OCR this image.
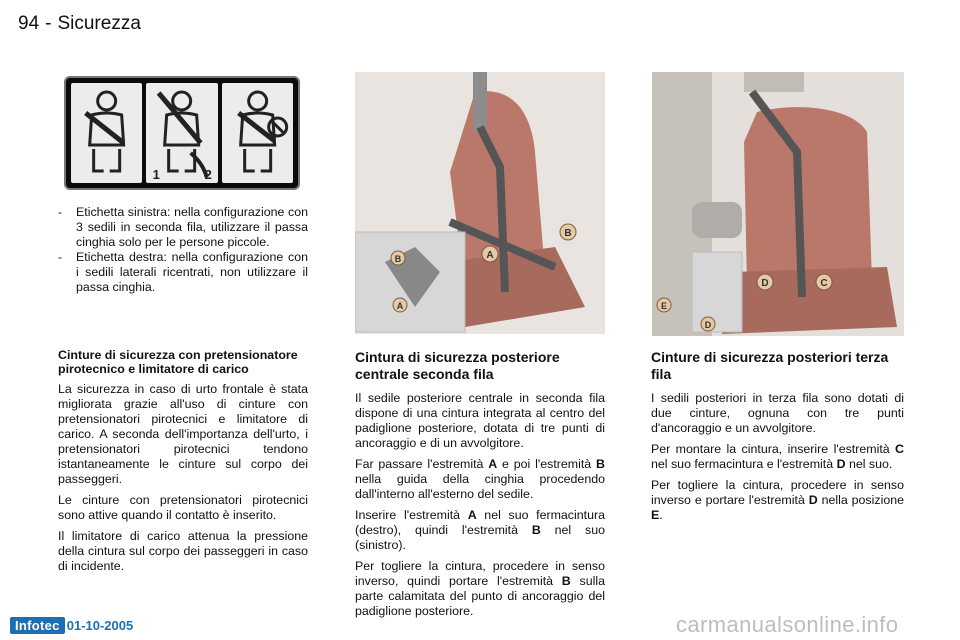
94 - Sicurezza
1	2
B
A
B
A
C
D
E
D
- Etichetta sinistra: nella configurazione con 3 sedili in seconda fila, utilizzare il passa cinghia solo per le persone piccole.
- Etichetta destra: nella configurazione con i sedili laterali ricentrati, non utilizzare il passa cinghia.
Cinture di sicurezza con pretensionatore pirotecnico e limitatore di carico

La sicurezza in caso di urto frontale è stata migliorata grazie all'uso di cinture con pretensionatori pirotecnici e limitatore di carico. A seconda dell'importanza dell'urto, i pretensionatori pirotecnici tendono istantaneamente le cinture sul corpo dei passeggeri.

Le cinture con pretensionatori pirotecnici sono attive quando il contatto è inserito.

Il limitatore di carico attenua la pressione della cintura sul corpo dei passeggeri in caso di incidente.

Cintura di sicurezza posteriore centrale seconda fila

Il sedile posteriore centrale in seconda fila dispone di una cintura integrata al centro del padiglione posteriore, dotata di tre punti di ancoraggio e di un avvolgitore.

Far passare l'estremità A e poi l'estremità B nella guida della cinghia procedendo dall'interno all'esterno del sedile.

Inserire l'estremità A nel suo fermacintura (destro), quindi l'estremità B nel suo (sinistro).

Per togliere la cintura, procedere in senso inverso, quindi portare l'estremità B sulla parte calamitata del punto di ancoraggio del padiglione posteriore.

Cinture di sicurezza posteriori terza fila

I sedili posteriori in terza fila sono dotati di due cinture, ognuna con tre punti d'ancoraggio e un avvolgitore.

Per montare la cintura, inserire l'estremità C nel suo fermacintura e l'estremità D nel suo.

Per togliere la cintura, procedere in senso inverso e portare l'estremità D nella posizione E.

Infotec 01-10-2005	carmanualsonline.info
